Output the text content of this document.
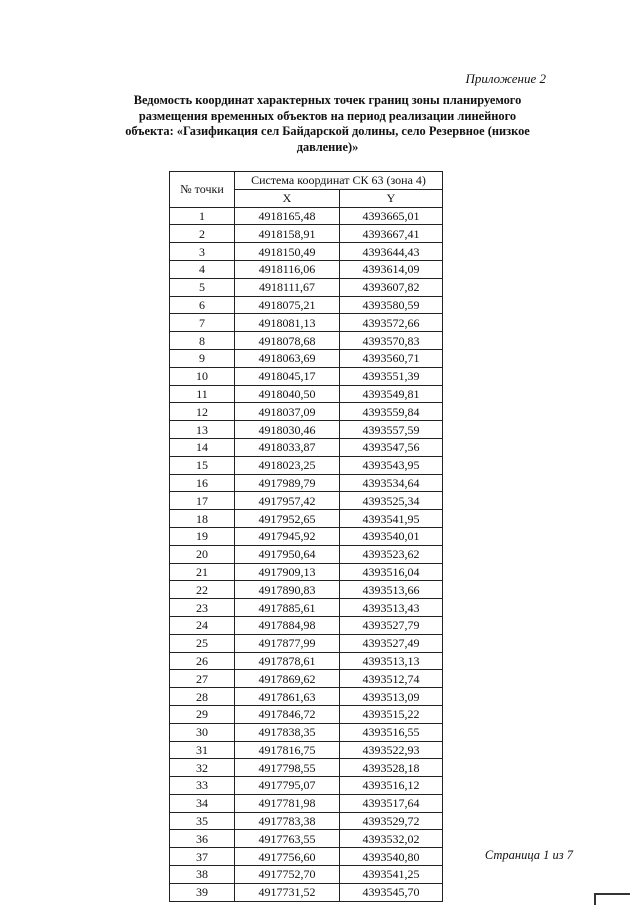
Приложение 2
Ведомость координат характерных точек границ зоны планируемого
размещения временных объектов на период реализации линейного
объекта: «Газификация сел Байдарской долины, село Резервное (низкое
давление)»
№ точки	Система координат СК 63 (зона 4)	
	X	Y
1	4918165,48	4393665,01
2	4918158,91	4393667,41
3	4918150,49	4393644,43
4	4918116,06	4393614,09
5	4918111,67	4393607,82
6	4918075,21	4393580,59
7	4918081,13	4393572,66
8	4918078,68	4393570,83
9	4918063,69	4393560,71
10	4918045,17	4393551,39
11	4918040,50	4393549,81
12	4918037,09	4393559,84
13	4918030,46	4393557,59
14	4918033,87	4393547,56
15	4918023,25	4393543,95
16	4917989,79	4393534,64
17	4917957,42	4393525,34
18	4917952,65	4393541,95
19	4917945,92	4393540,01
20	4917950,64	4393523,62
21	4917909,13	4393516,04
22	4917890,83	4393513,66
23	4917885,61	4393513,43
24	4917884,98	4393527,79
25	4917877,99	4393527,49
26	4917878,61	4393513,13
27	4917869,62	4393512,74
28	4917861,63	4393513,09
29	4917846,72	4393515,22
30	4917838,35	4393516,55
31	4917816,75	4393522,93
32	4917798,55	4393528,18
33	4917795,07	4393516,12
34	4917781,98	4393517,64
35	4917783,38	4393529,72
36	4917763,55	4393532,02
37	4917756,60	4393540,80
38	4917752,70	4393541,25
39	4917731,52	4393545,70
Страница 1 из 7
